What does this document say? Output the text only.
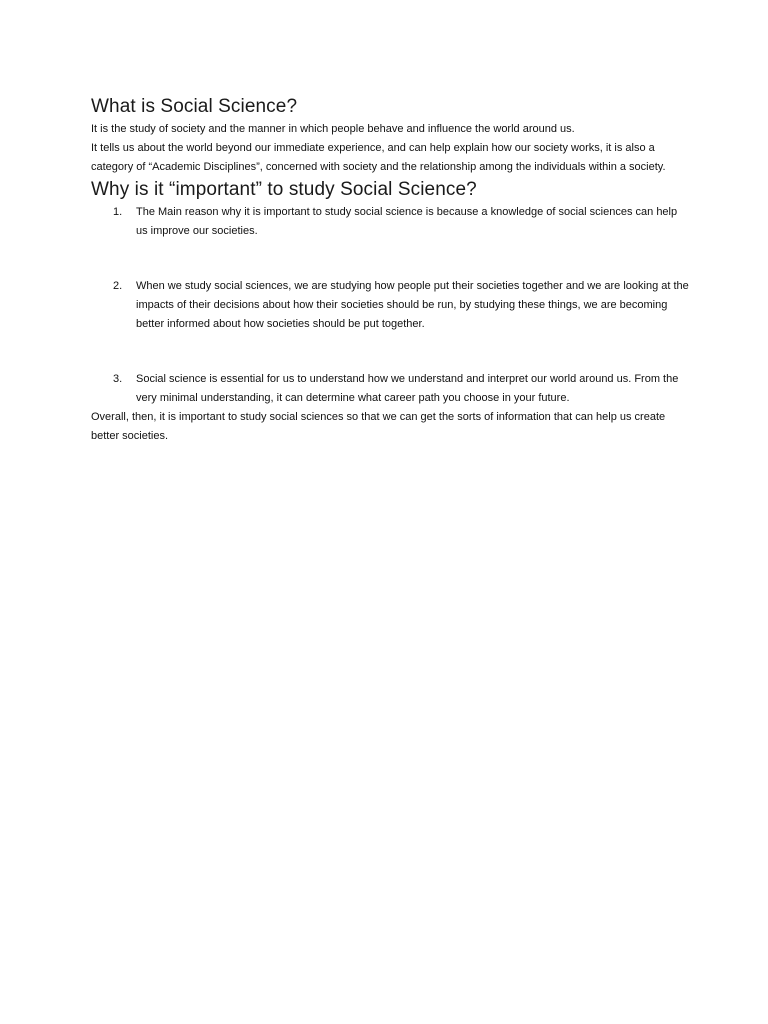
What is Social Science?

It is the study of society and the manner in which people behave and influence the world around us.

It tells us about the world beyond our immediate experience, and can help explain how our society works, it is also a category of “Academic Disciplines”, concerned with society and the relationship among the individuals within a society.

Why is it “important” to study Social Science?
1. The Main reason why it is important to study social science is because a knowledge of social sciences can help us improve our societies.
2. When we study social sciences, we are studying how people put their societies together and we are looking at the impacts of their decisions about how their societies should be run, by studying these things, we are becoming better informed about how societies should be put together.
3. Social science is essential for us to understand how we understand and interpret our world around us. From the very minimal understanding, it can determine what career path you choose in your future.

Overall, then, it is important to study social sciences so that we can get the sorts of information that can help us create better societies.
